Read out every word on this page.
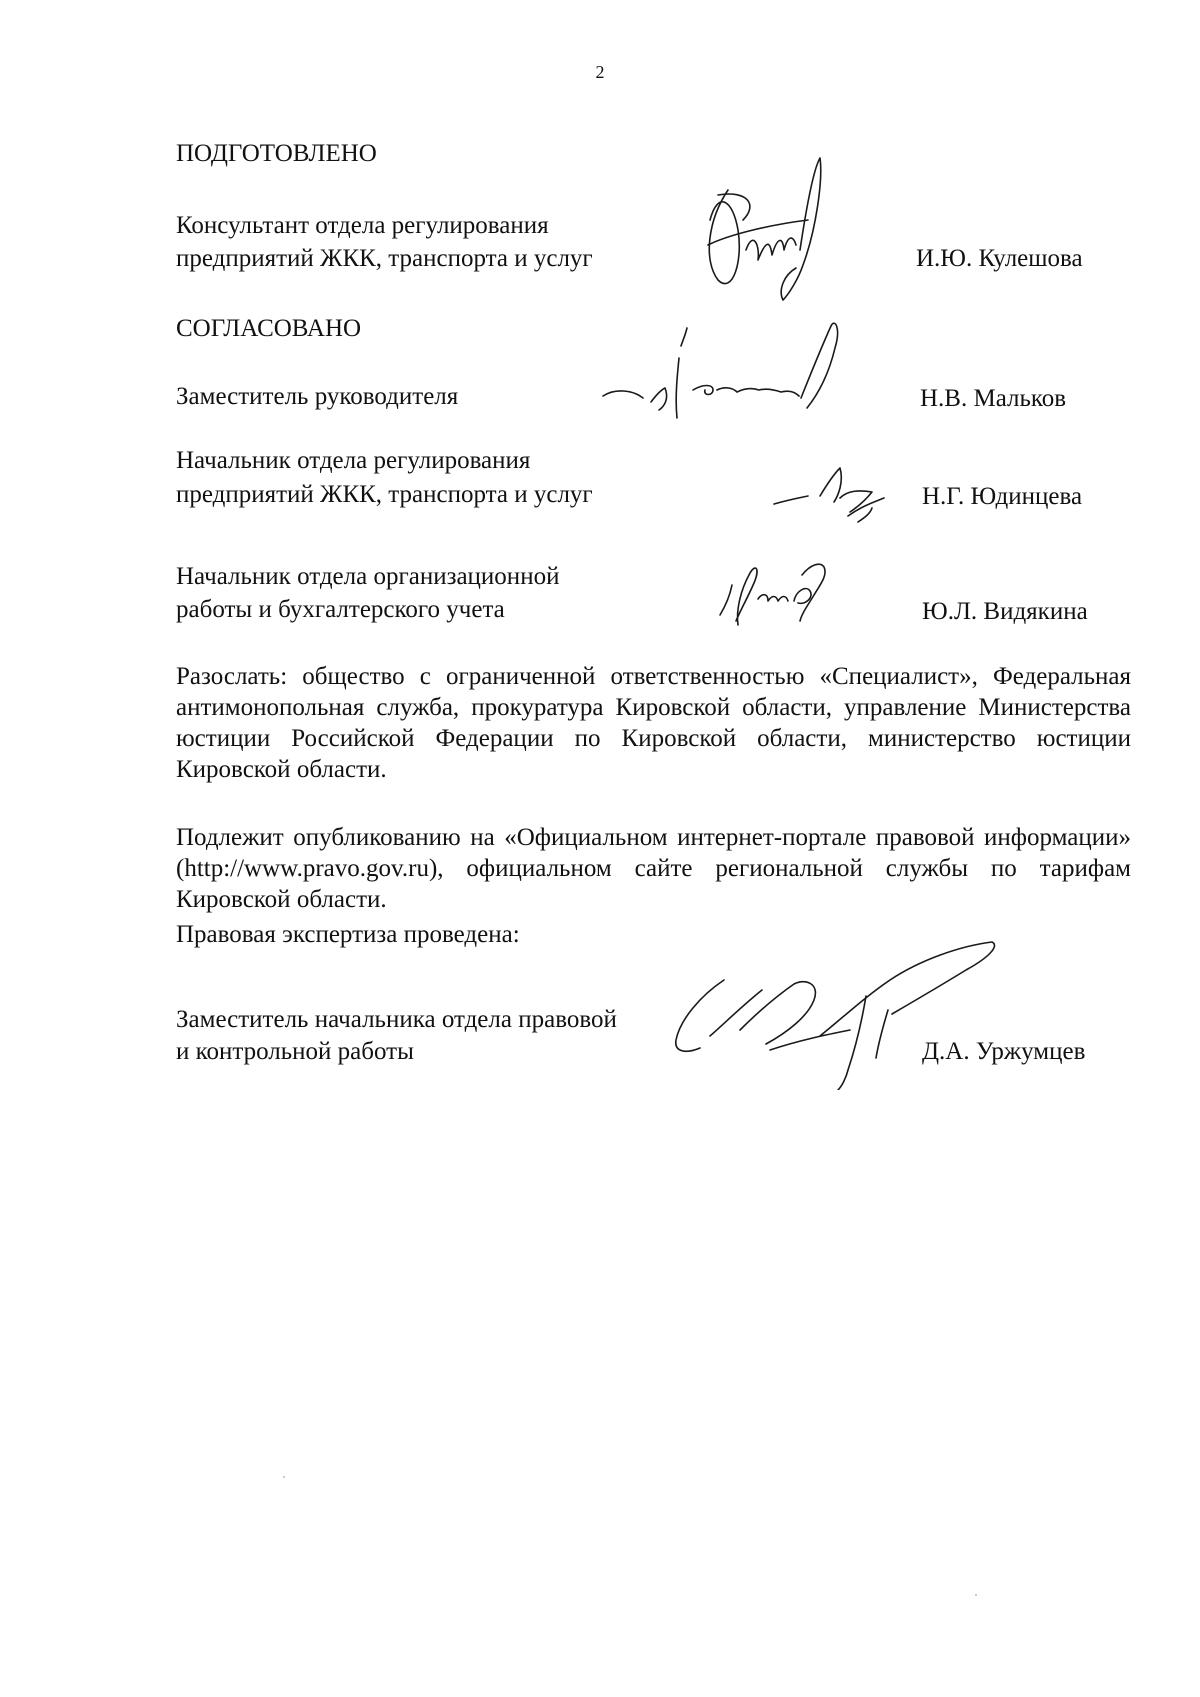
2

ПОДГОТОВЛЕНО

Консультант отдела регулирования

предприятий ЖКК, транспорта и услуг	И.Ю. Кулешова

СОГЛАСОВАНО

Заместитель руководителя	Н.В. Мальков

Начальник отдела регулирования

предприятий ЖКК, транспорта и услуг	Н.Г. Юдинцева

Начальник отдела организационной

работы и бухгалтерского учета	Ю.Л. Видякина

Разослать: общество с ограниченной ответственностью «Специалист», Федеральная антимонопольная служба, прокуратура Кировской области, управление Министерства юстиции Российской Федерации по Кировской области, министерство юстиции Кировской области.

Подлежит опубликованию на «Официальном интернет-портале правовой информации» (http://www.pravo.gov.ru), официальном сайте региональной службы по тарифам Кировской области.

Правовая экспертиза проведена:

Заместитель начальника отдела правовой

и контрольной работы	Д.А. Уржумцев
